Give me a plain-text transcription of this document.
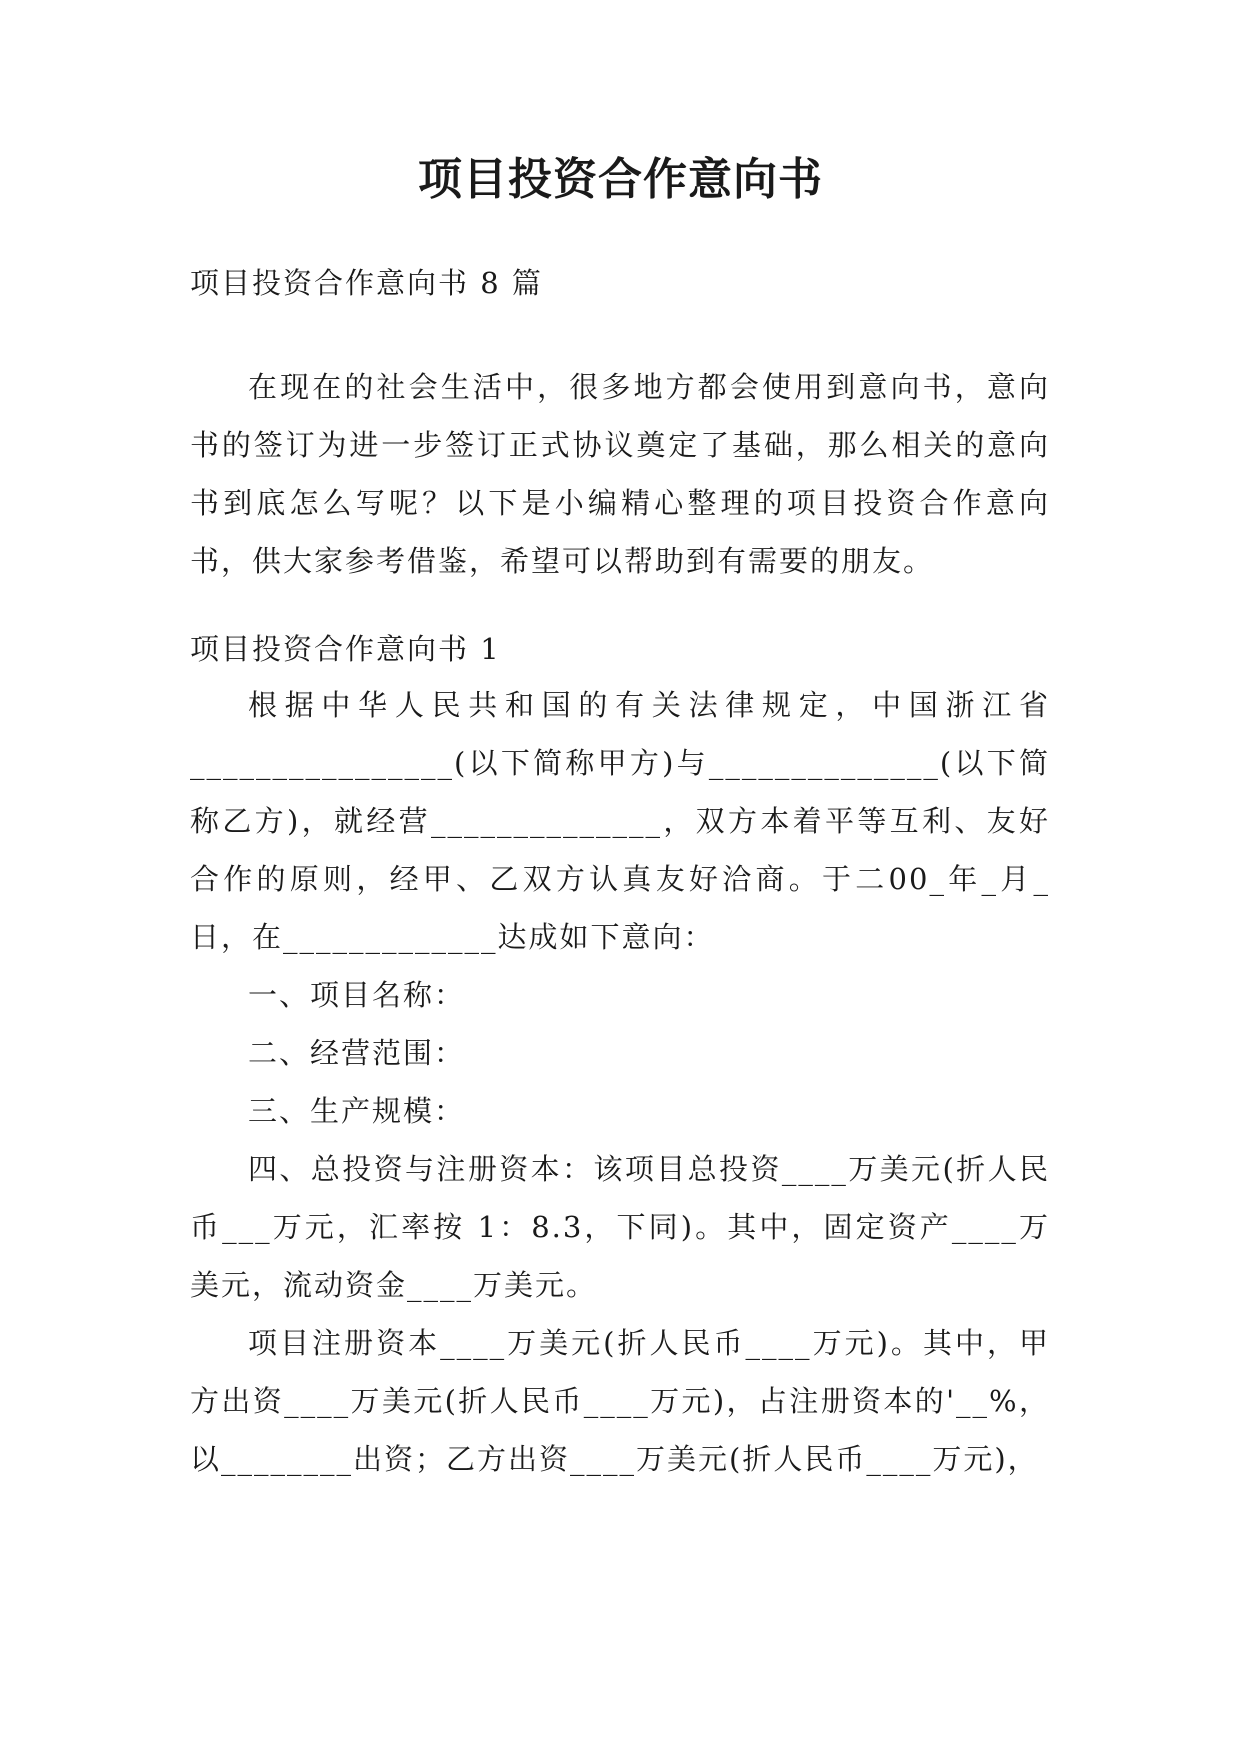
项目投资合作意向书
项目投资合作意向书 8 篇

在现在的社会生活中，很多地方都会使用到意向书，意向书的签订为进一步签订正式协议奠定了基础，那么相关的意向书到底怎么写呢？以下是小编精心整理的项目投资合作意向书，供大家参考借鉴，希望可以帮助到有需要的朋友。

项目投资合作意向书 1

根据中华人民共和国的有关法律规定，中国浙江省________________(以下简称甲方)与______________(以下简称乙方)，就经营______________，双方本着平等互利、友好合作的原则，经甲、乙双方认真友好洽商。于二00_年_月_日，在_____________达成如下意向：

一、项目名称：

二、经营范围：

三、生产规模：

四、总投资与注册资本：该项目总投资____万美元(折人民币___万元，汇率按 1：8.3，下同)。其中，固定资产____万美元，流动资金____万美元。

项目注册资本____万美元(折人民币____万元)。其中，甲方出资____万美元(折人民币____万元)，占注册资本的'__%，以________出资；乙方出资____万美元(折人民币____万元)，
